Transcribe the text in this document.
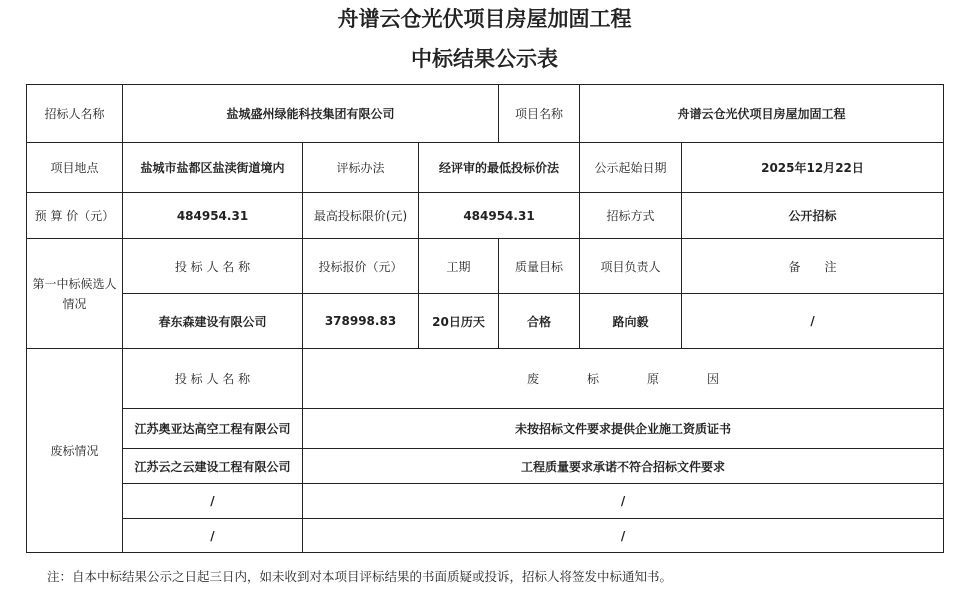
舟谱云仓光伏项目房屋加固工程
中标结果公示表
招标人名称	盐城盛州绿能科技集团有限公司			项目名称	舟谱云仓光伏项目房屋加固工程	
项目地点	盐城市盐都区盐渎街道境内	评标办法	经评审的最低投标价法		公示起始日期	2025年12月22日
预 算 价（元）	484954.31	最高投标限价(元)	484954.31		招标方式	公开招标
第一中标候选人情况	投 标 人 名 称	投标报价（元）	工期	质量目标	项目负责人	备　　注
	春东森建设有限公司	378998.83	20日历天	合格	路向毅	/
废标情况	投 标 人 名 称	废　　　　标　　　　原　　　　因				
	江苏奥亚达高空工程有限公司	未按招标文件要求提供企业施工资质证书				
	江苏云之云建设工程有限公司	工程质量要求承诺不符合招标文件要求				
	/	/				
	/	/				
注：自本中标结果公示之日起三日内，如未收到对本项目评标结果的书面质疑或投诉，招标人将签发中标通知书。
